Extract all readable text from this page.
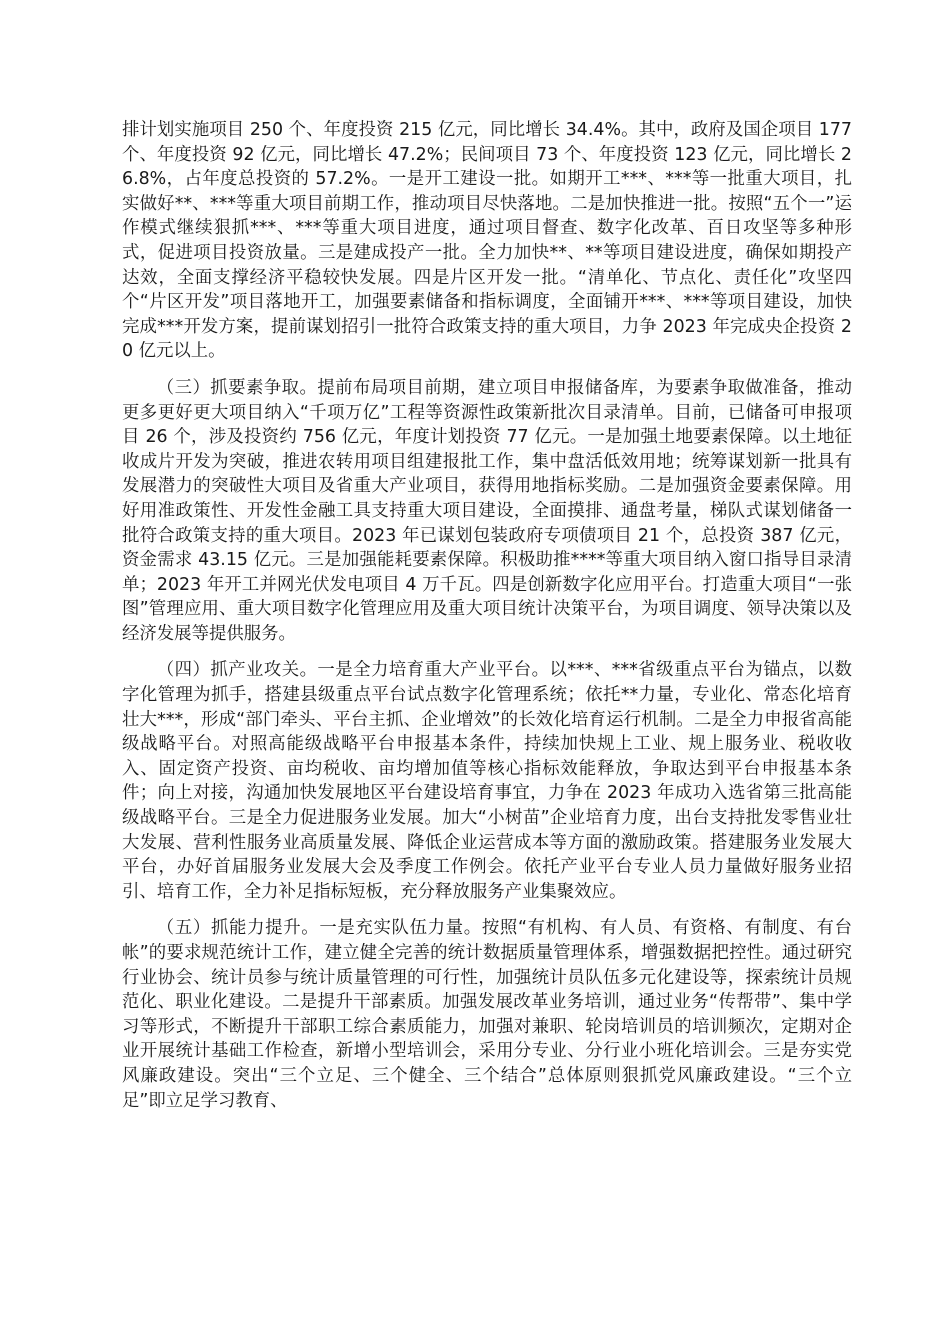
排计划实施项目 250 个、年度投资 215 亿元，同比增长 34.4%。其中，政府及国企项目 177 个、年度投资 92 亿元，同比增长 47.2%；民间项目 73 个、年度投资 123 亿元，同比增长 26.8%，占年度总投资的 57.2%。一是开工建设一批。如期开工***、***等一批重大项目，扎实做好**、***等重大项目前期工作，推动项目尽快落地。二是加快推进一批。按照“五个一”运作模式继续狠抓***、***等重大项目进度，通过项目督查、数字化改革、百日攻坚等多种形式，促进项目投资放量。三是建成投产一批。全力加快**、**等项目建设进度，确保如期投产达效，全面支撑经济平稳较快发展。四是片区开发一批。“清单化、节点化、责任化”攻坚四个“片区开发”项目落地开工，加强要素储备和指标调度，全面铺开***、***等项目建设，加快完成***开发方案，提前谋划招引一批符合政策支持的重大项目，力争 2023 年完成央企投资 20 亿元以上。

（三）抓要素争取。提前布局项目前期，建立项目申报储备库，为要素争取做准备，推动更多更好更大项目纳入“千项万亿”工程等资源性政策新批次目录清单。目前，已储备可申报项目 26 个，涉及投资约 756 亿元，年度计划投资 77 亿元。一是加强土地要素保障。以土地征收成片开发为突破，推进农转用项目组建报批工作，集中盘活低效用地；统筹谋划新一批具有发展潜力的突破性大项目及省重大产业项目，获得用地指标奖励。二是加强资金要素保障。用好用准政策性、开发性金融工具支持重大项目建设，全面摸排、通盘考量，梯队式谋划储备一批符合政策支持的重大项目。2023 年已谋划包装政府专项债项目 21 个，总投资 387 亿元，资金需求 43.15 亿元。三是加强能耗要素保障。积极助推****等重大项目纳入窗口指导目录清单；2023 年开工并网光伏发电项目 4 万千瓦。四是创新数字化应用平台。打造重大项目“一张图”管理应用、重大项目数字化管理应用及重大项目统计决策平台，为项目调度、领导决策以及经济发展等提供服务。

（四）抓产业攻关。一是全力培育重大产业平台。以***、***省级重点平台为锚点，以数字化管理为抓手，搭建县级重点平台试点数字化管理系统；依托**力量，专业化、常态化培育壮大***，形成“部门牵头、平台主抓、企业增效”的长效化培育运行机制。二是全力申报省高能级战略平台。对照高能级战略平台申报基本条件，持续加快规上工业、规上服务业、税收收入、固定资产投资、亩均税收、亩均增加值等核心指标效能释放，争取达到平台申报基本条件；向上对接，沟通加快发展地区平台建设培育事宜，力争在 2023 年成功入选省第三批高能级战略平台。三是全力促进服务业发展。加大“小树苗”企业培育力度，出台支持批发零售业壮大发展、营利性服务业高质量发展、降低企业运营成本等方面的激励政策。搭建服务业发展大平台，办好首届服务业发展大会及季度工作例会。依托产业平台专业人员力量做好服务业招引、培育工作，全力补足指标短板，充分释放服务产业集聚效应。

（五）抓能力提升。一是充实队伍力量。按照“有机构、有人员、有资格、有制度、有台帐”的要求规范统计工作，建立健全完善的统计数据质量管理体系，增强数据把控性。通过研究行业协会、统计员参与统计质量管理的可行性，加强统计员队伍多元化建设等，探索统计员规范化、职业化建设。二是提升干部素质。加强发展改革业务培训，通过业务“传帮带”、集中学习等形式，不断提升干部职工综合素质能力，加强对兼职、轮岗培训员的培训频次，定期对企业开展统计基础工作检查，新增小型培训会，采用分专业、分行业小班化培训会。三是夯实党风廉政建设。突出“三个立足、三个健全、三个结合”总体原则狠抓党风廉政建设。“三个立足”即立足学习教育、
